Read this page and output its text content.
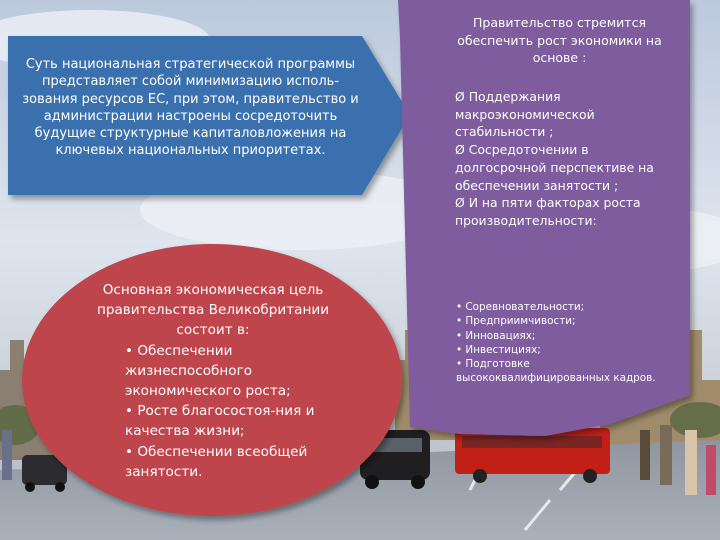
Суть национальная стратегической программы представляет собой минимизацию исполь-зования ресурсов ЕС, при этом, правительство и администрации настроены сосредоточить будущие структурные капиталовложения на ключевых национальных приоритетах.
Основная экономическая цель правительства Великобритании состоит в:
• Обеспечении жизнеспособного экономического роста;
• Росте благосостоя-ния и качества жизни;
• Обеспечении всеобщей занятости.
Правительство стремится обеспечить рост экономики на основе :
Ø Поддержания макроэкономической стабильности ;
Ø Сосредоточении в долгосрочной перспективе на обеспечении занятости ;
Ø И на пяти факторах роста производительности:
• Соревновательности;
• Предприимчивости;
• Инновациях;
• Инвестициях;
• Подготовке высококвалифицированных кадров.
